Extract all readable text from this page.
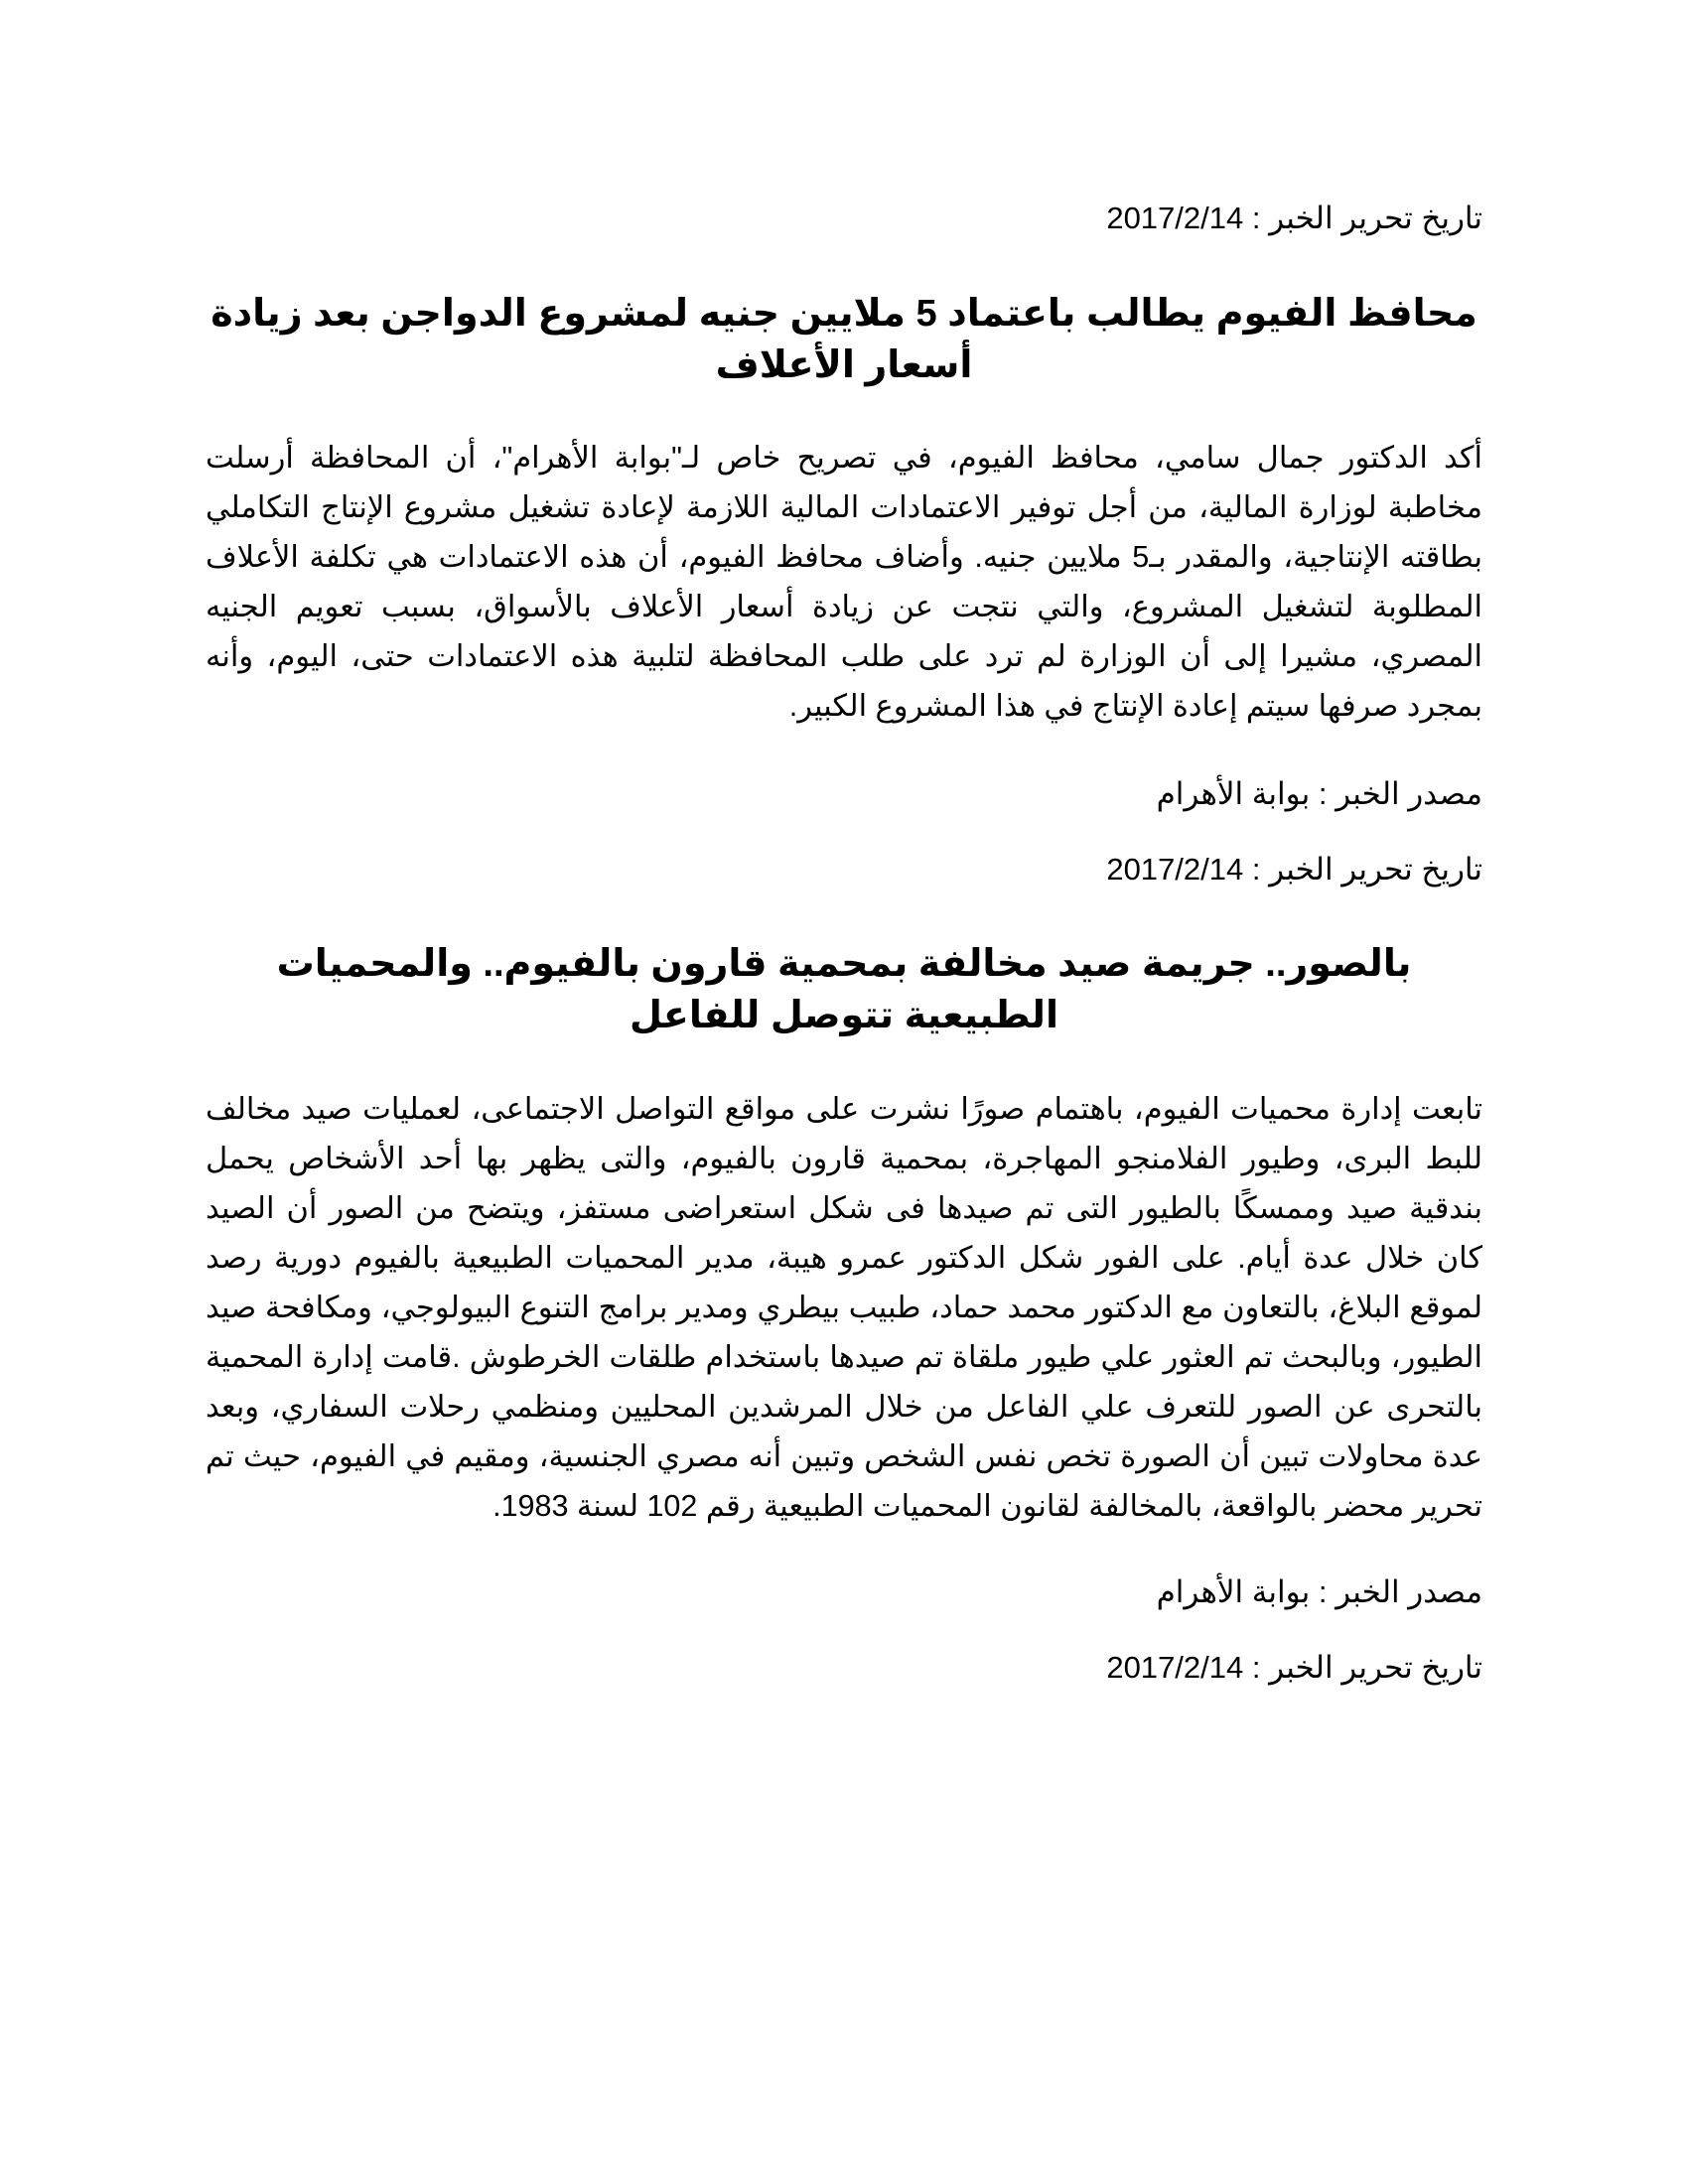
تاريخ تحرير الخبر : 2017/2/14
محافظ الفيوم يطالب باعتماد 5 ملايين جنيه لمشروع الدواجن بعد زيادة أسعار الأعلاف
أكد الدكتور جمال سامي، محافظ الفيوم، في تصريح خاص لـ"بوابة الأهرام"، أن المحافظة أرسلت مخاطبة لوزارة المالية، من أجل توفير الاعتمادات المالية اللازمة لإعادة تشغيل مشروع الإنتاج التكاملي بطاقته الإنتاجية، والمقدر بـ5 ملايين جنيه. وأضاف محافظ الفيوم، أن هذه الاعتمادات هي تكلفة الأعلاف المطلوبة لتشغيل المشروع، والتي نتجت عن زيادة أسعار الأعلاف بالأسواق، بسبب تعويم الجنيه المصري، مشيرا إلى أن الوزارة لم ترد على طلب المحافظة لتلبية هذه الاعتمادات حتى، اليوم، وأنه بمجرد صرفها سيتم إعادة الإنتاج في هذا المشروع الكبير.
مصدر الخبر : بوابة الأهرام
تاريخ تحرير الخبر : 2017/2/14
بالصور.. جريمة صيد مخالفة بمحمية قارون بالفيوم.. والمحميات الطبيعية تتوصل للفاعل
تابعت إدارة محميات الفيوم، باهتمام صورًا نشرت على مواقع التواصل الاجتماعى، لعمليات صيد مخالف للبط البرى، وطيور الفلامنجو المهاجرة، بمحمية قارون بالفيوم، والتى يظهر بها أحد الأشخاص يحمل بندقية صيد وممسكًا بالطيور التى تم صيدها فى شكل استعراضى مستفز، ويتضح من الصور أن الصيد كان خلال عدة أيام. على الفور شكل الدكتور عمرو هيبة، مدير المحميات الطبيعية بالفيوم دورية رصد لموقع البلاغ، بالتعاون مع الدكتور محمد حماد، طبيب بيطري ومدير برامج التنوع البيولوجي، ومكافحة صيد الطيور، وبالبحث تم العثور علي طيور ملقاة تم صيدها باستخدام طلقات الخرطوش .قامت إدارة المحمية بالتحرى عن الصور للتعرف علي الفاعل من خلال المرشدين المحليين ومنظمي رحلات السفاري، وبعد عدة محاولات تبين أن الصورة تخص نفس الشخص وتبين أنه مصري الجنسية، ومقيم في الفيوم، حيث تم تحرير محضر بالواقعة، بالمخالفة لقانون المحميات الطبيعية رقم 102 لسنة 1983.
مصدر الخبر : بوابة الأهرام
تاريخ تحرير الخبر : 2017/2/14
